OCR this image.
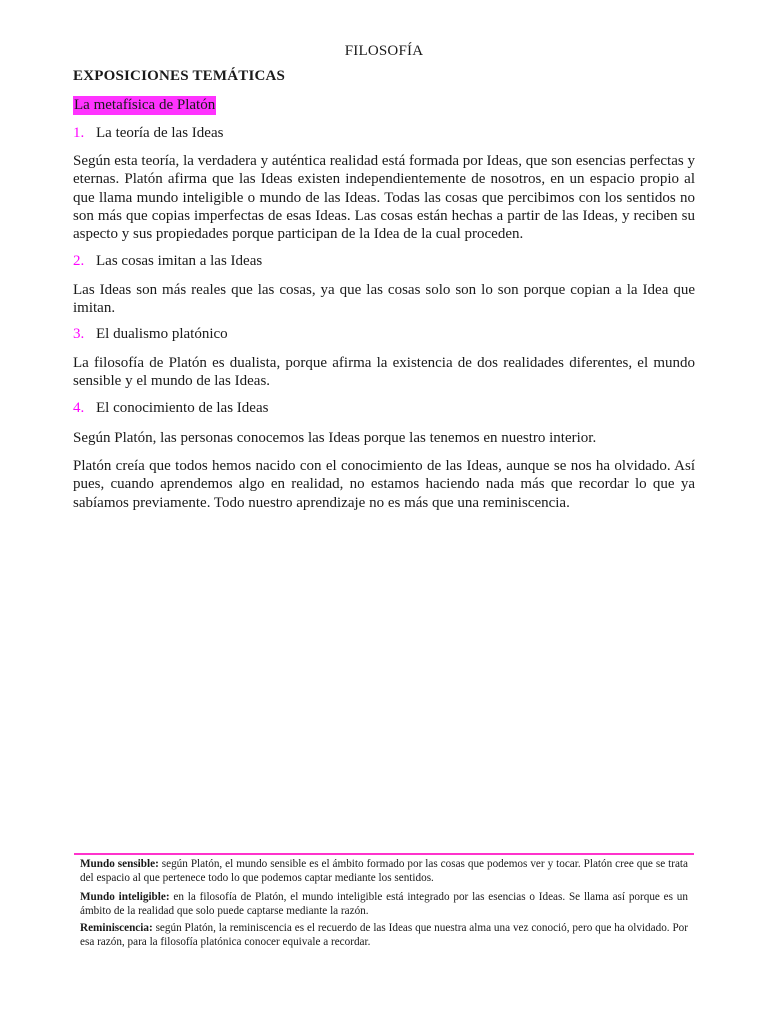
FILOSOFÍA
EXPOSICIONES TEMÁTICAS
La metafísica de Platón
1. La teoría de las Ideas
Según esta teoría, la verdadera y auténtica realidad está formada por Ideas, que son esencias perfectas y eternas. Platón afirma que las Ideas existen independientemente de nosotros, en un espacio propio al que llama mundo inteligible o mundo de las Ideas. Todas las cosas que percibimos con los sentidos no son más que copias imperfectas de esas Ideas. Las cosas están hechas a partir de las Ideas, y reciben su aspecto y sus propiedades porque participan de la Idea de la cual proceden.
2. Las cosas imitan a las Ideas
Las Ideas son más reales que las cosas, ya que las cosas solo son lo son porque copian a la Idea que imitan.
3. El dualismo platónico
La filosofía de Platón es dualista, porque afirma la existencia de dos realidades diferentes, el mundo sensible y el mundo de las Ideas.
4. El conocimiento de las Ideas
Según Platón, las personas conocemos las Ideas porque las tenemos en nuestro interior.
Platón creía que todos hemos nacido con el conocimiento de las Ideas, aunque se nos ha olvidado. Así pues, cuando aprendemos algo en realidad, no estamos haciendo nada más que recordar lo que ya sabíamos previamente. Todo nuestro aprendizaje no es más que una reminiscencia.
Mundo sensible: según Platón, el mundo sensible es el ámbito formado por las cosas que podemos ver y tocar. Platón cree que se trata del espacio al que pertenece todo lo que podemos captar mediante los sentidos.
Mundo inteligible: en la filosofía de Platón, el mundo inteligible está integrado por las esencias o Ideas. Se llama así porque es un ámbito de la realidad que solo puede captarse mediante la razón.
Reminiscencia: según Platón, la reminiscencia es el recuerdo de las Ideas que nuestra alma una vez conoció, pero que ha olvidado. Por esa razón, para la filosofía platónica conocer equivale a recordar.
